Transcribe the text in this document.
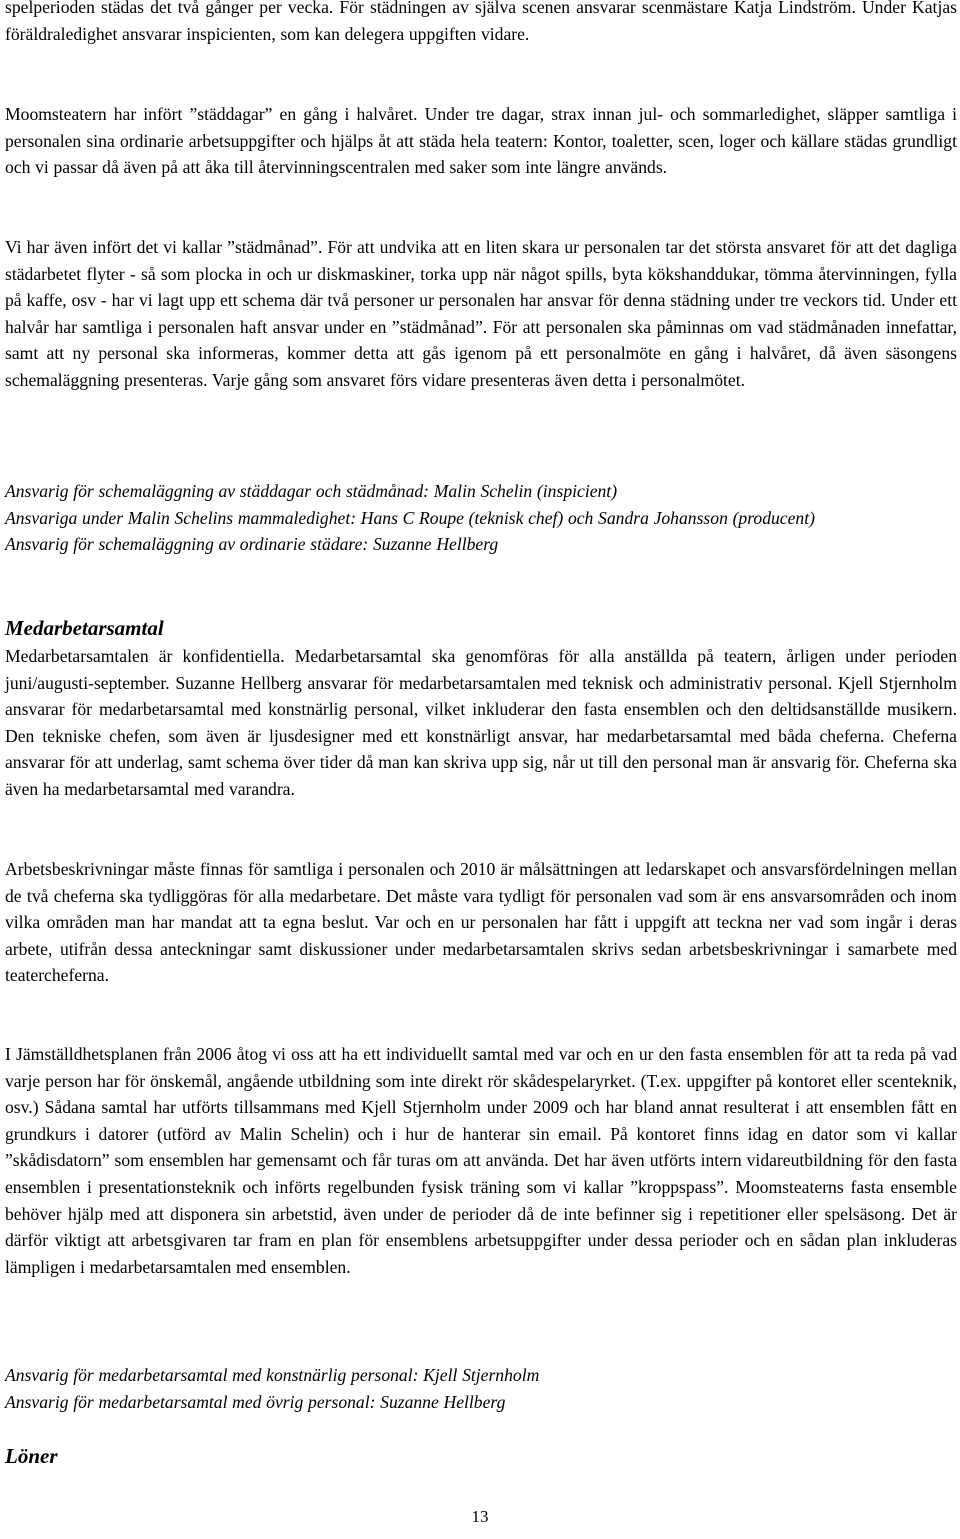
spelperioden städas det två gånger per vecka. För städningen av själva scenen ansvarar scenmästare Katja Lindström. Under Katjas föräldraledighet ansvarar inspicienten, som kan delegera uppgiften vidare.

Moomsteatern har infört ”städdagar” en gång i halvåret. Under tre dagar, strax innan jul- och sommarledighet, släpper samtliga i personalen sina ordinarie arbetsuppgifter och hjälps åt att städa hela teatern: Kontor, toaletter, scen, loger och källare städas grundligt och vi passar då även på att åka till återvinningscentralen med saker som inte längre används.

Vi har även infört det vi kallar ”städmånad”. För att undvika att en liten skara ur personalen tar det största ansvaret för att det dagliga städarbetet flyter - så som plocka in och ur diskmaskiner, torka upp när något spills, byta kökshanddukar, tömma återvinningen, fylla på kaffe, osv - har vi lagt upp ett schema där två personer ur personalen har ansvar för denna städning under tre veckors tid. Under ett halvår har samtliga i personalen haft ansvar under en ”städmånad”. För att personalen ska påminnas om vad städmånaden innefattar, samt att ny personal ska informeras, kommer detta att gås igenom på ett personalmöte en gång i halvåret, då även säsongens schemaläggning presenteras. Varje gång som ansvaret förs vidare presenteras även detta i personalmötet.

Ansvarig för schemaläggning av städdagar och städmånad: Malin Schelin (inspicient)

Ansvariga under Malin Schelins mammaledighet: Hans C Roupe (teknisk chef) och Sandra Johansson (producent)

Ansvarig för schemaläggning av ordinarie städare: Suzanne Hellberg

Medarbetarsamtal

Medarbetarsamtalen är konfidentiella. Medarbetarsamtal ska genomföras för alla anställda på teatern, årligen under perioden juni/augusti-september. Suzanne Hellberg ansvarar för medarbetarsamtalen med teknisk och administrativ personal. Kjell Stjernholm ansvarar för medarbetarsamtal med konstnärlig personal, vilket inkluderar den fasta ensemblen och den deltidsanställde musikern. Den tekniske chefen, som även är ljusdesigner med ett konstnärligt ansvar, har medarbetarsamtal med båda cheferna. Cheferna ansvarar för att underlag, samt schema över tider då man kan skriva upp sig, når ut till den personal man är ansvarig för. Cheferna ska även ha medarbetarsamtal med varandra.

Arbetsbeskrivningar måste finnas för samtliga i personalen och 2010 är målsättningen att ledarskapet och ansvarsfördelningen mellan de två cheferna ska tydliggöras för alla medarbetare. Det måste vara tydligt för personalen vad som är ens ansvarsområden och inom vilka områden man har mandat att ta egna beslut. Var och en ur personalen har fått i uppgift att teckna ner vad som ingår i deras arbete, utifrån dessa anteckningar samt diskussioner under medarbetarsamtalen skrivs sedan arbetsbeskrivningar i samarbete med teatercheferna.

I Jämställdhetsplanen från 2006 åtog vi oss att ha ett individuellt samtal med var och en ur den fasta ensemblen för att ta reda på vad varje person har för önskemål, angående utbildning som inte direkt rör skådespelaryrket. (T.ex. uppgifter på kontoret eller scenteknik, osv.) Sådana samtal har utförts tillsammans med Kjell Stjernholm under 2009 och har bland annat resulterat i att ensemblen fått en grundkurs i datorer (utförd av Malin Schelin) och i hur de hanterar sin email. På kontoret finns idag en dator som vi kallar ”skådisdatorn” som ensemblen har gemensamt och får turas om att använda. Det har även utförts intern vidareutbildning för den fasta ensemblen i presentationsteknik och införts regelbunden fysisk träning som vi kallar ”kroppspass”. Moomsteaterns fasta ensemble behöver hjälp med att disponera sin arbetstid, även under de perioder då de inte befinner sig i repetitioner eller spelsäsong. Det är därför viktigt att arbetsgivaren tar fram en plan för ensemblens arbetsuppgifter under dessa perioder och en sådan plan inkluderas lämpligen i medarbetarsamtalen med ensemblen.

Ansvarig för medarbetarsamtal med konstnärlig personal: Kjell Stjernholm

Ansvarig för medarbetarsamtal med övrig personal: Suzanne Hellberg

Löner
13
